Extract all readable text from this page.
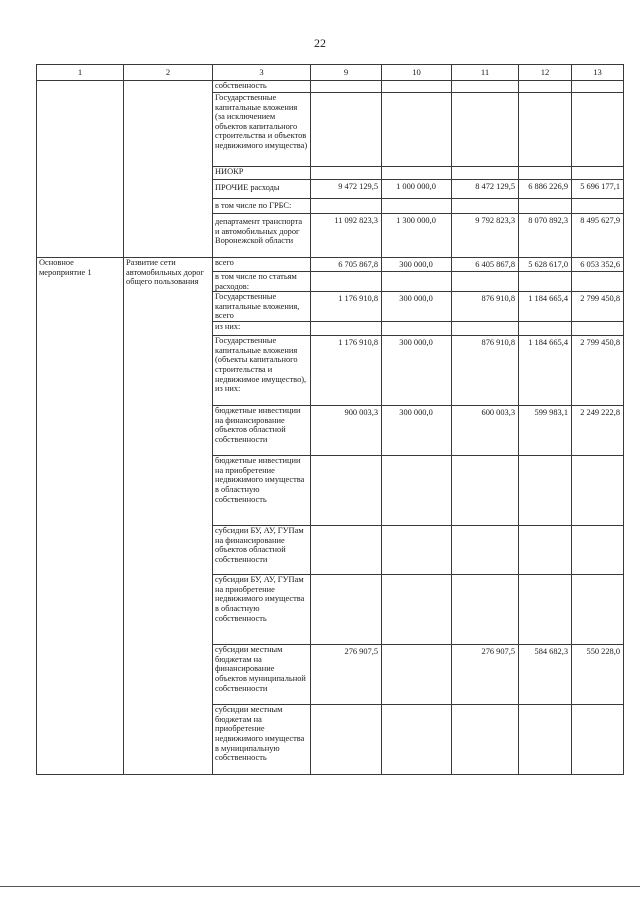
22
1	2	3	9	10	11	12	13
		собственность					
		Государственные капитальные вложения (за исключением объектов капитального строительства и объектов недвижимого имущества)					
		НИОКР					
		ПРОЧИЕ расходы	9 472 129,5	1 000 000,0	8 472 129,5	6 886 226,9	5 696 177,1
		в том числе по ГРБС:					
		департамент транспорта и автомобильных дорог Воронежской области	11 092 823,3	1 300 000,0	9 792 823,3	8 070 892,3	8 495 627,9
Основное мероприятие 1	Развитие сети автомобильных дорог общего пользования	всего	6 705 867,8	300 000,0	6 405 867,8	5 628 617,0	6 053 352,6
		в том числе по статьям расходов:					
		Государственные капитальные вложения, всего	1 176 910,8	300 000,0	876 910,8	1 184 665,4	2 799 450,8
		из них:					
		Государственные капитальные вложения (объекты капитального строительства и недвижимое имущество), из них:	1 176 910,8	300 000,0	876 910,8	1 184 665,4	2 799 450,8
		бюджетные инвестиции на финансирование объектов областной собственности	900 003,3	300 000,0	600 003,3	599 983,1	2 249 222,8
		бюджетные инвестиции на приобретение недвижимого имущества в областную собственность					
		субсидии БУ, АУ, ГУПам на финансирование объектов областной собственности					
		субсидии БУ, АУ, ГУПам на приобретение недвижимого имущества в областную собственность					
		субсидии местным бюджетам на финансирование объектов муниципальной собственности	276 907,5		276 907,5	584 682,3	550 228,0
		субсидии местным бюджетам на приобретение недвижимого имущества в муниципальную собственность					
